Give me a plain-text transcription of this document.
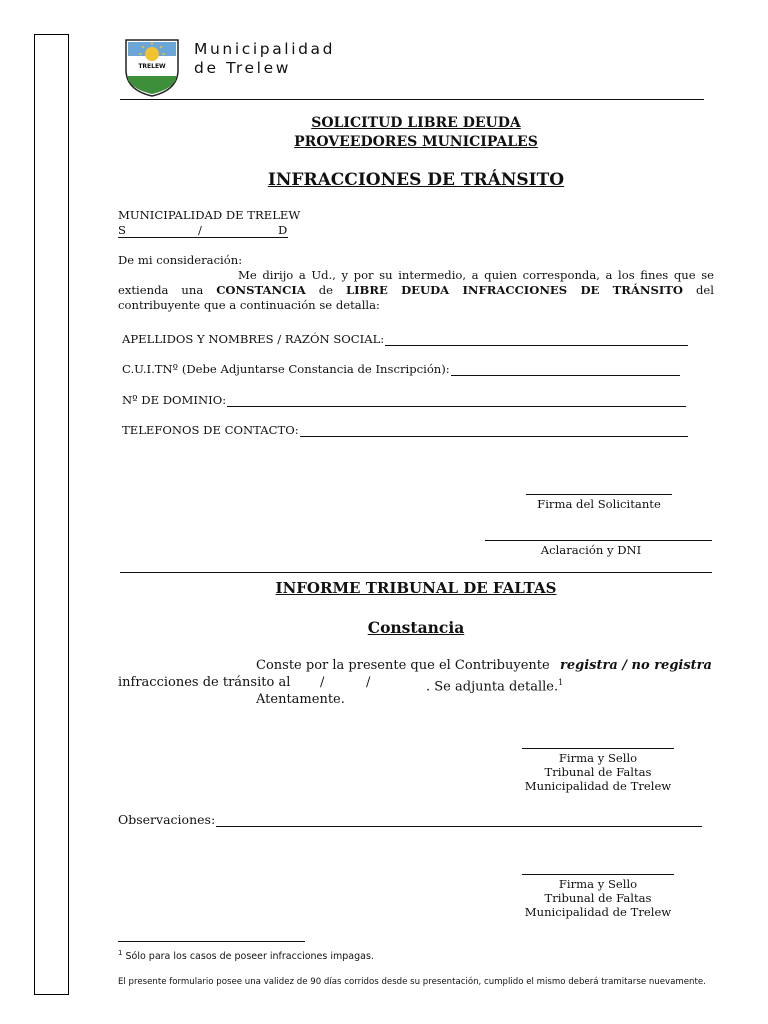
TRELEW
Municipalidad
de Trelew
SOLICITUD LIBRE DEUDA
PROVEEDORES MUNICIPALES
INFRACCIONES DE TRÁNSITO
MUNICIPALIDAD DE TRELEW
S	/	D
De mi consideración:
Me dirijo a Ud., y por su intermedio, a quien corresponda, a los fines que se extienda una CONSTANCIA de LIBRE DEUDA INFRACCIONES DE TRÁNSITO del contribuyente que a continuación se detalla:
APELLIDOS Y NOMBRES / RAZÓN SOCIAL:
C.U.I.TNº (Debe Adjuntarse Constancia de Inscripción):
Nº DE DOMINIO:
TELEFONOS DE CONTACTO:
Firma del Solicitante
Aclaración y DNI
INFORME TRIBUNAL DE FALTAS
Constancia
Conste por la presente que el Contribuyente registra / no registra
infracciones de tránsito al /	/	. Se adjunta detalle.$^1$
Atentamente.
Firma y Sello
Tribunal de Faltas
Municipalidad de Trelew
Observaciones:
Firma y Sello
Tribunal de Faltas
Municipalidad de Trelew
$^1$ Sólo para los casos de poseer infracciones impagas.
El presente formulario posee una validez de 90 días corridos desde su presentación, cumplido el mismo deberá tramitarse nuevamente.
